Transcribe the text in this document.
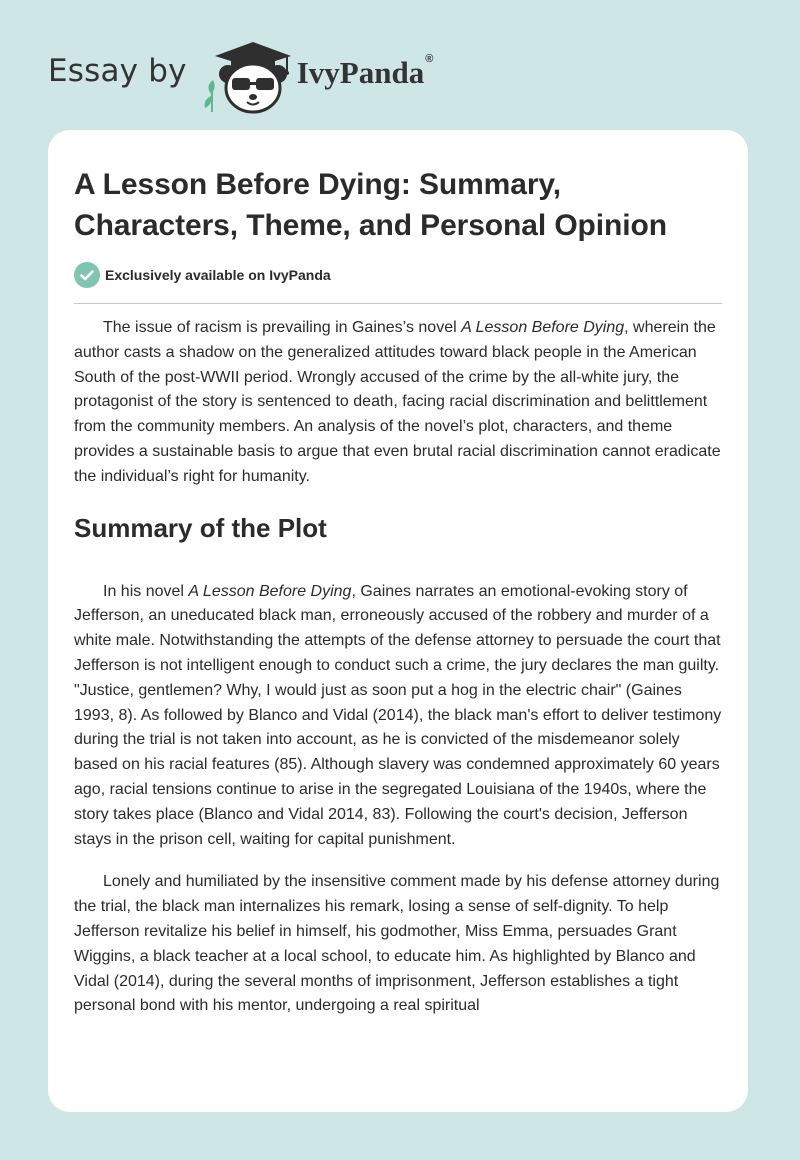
Essay by	IvyPanda®
A Lesson Before Dying: Summary, Characters, Theme, and Personal Opinion
Exclusively available on IvyPanda

The issue of racism is prevailing in Gaines’s novel A Lesson Before Dying, wherein the author casts a shadow on the generalized attitudes toward black people in the American South of the post-WWII period. Wrongly accused of the crime by the all-white jury, the protagonist of the story is sentenced to death, facing racial discrimination and belittlement from the community members. An analysis of the novel’s plot, characters, and theme provides a sustainable basis to argue that even brutal racial discrimination cannot eradicate the individual’s right for humanity.

Summary of the Plot

In his novel A Lesson Before Dying, Gaines narrates an emotional-evoking story of Jefferson, an uneducated black man, erroneously accused of the robbery and murder of a white male. Notwithstanding the attempts of the defense attorney to persuade the court that Jefferson is not intelligent enough to conduct such a crime, the jury declares the man guilty. "Justice, gentlemen? Why, I would just as soon put a hog in the electric chair" (Gaines 1993, 8). As followed by Blanco and Vidal (2014), the black man's effort to deliver testimony during the trial is not taken into account, as he is convicted of the misdemeanor solely based on his racial features (85). Although slavery was condemned approximately 60 years ago, racial tensions continue to arise in the segregated Louisiana of the 1940s, where the story takes place (Blanco and Vidal 2014, 83). Following the court's decision, Jefferson stays in the prison cell, waiting for capital punishment.

Lonely and humiliated by the insensitive comment made by his defense attorney during the trial, the black man internalizes his remark, losing a sense of self-dignity. To help Jefferson revitalize his belief in himself, his godmother, Miss Emma, persuades Grant Wiggins, a black teacher at a local school, to educate him. As highlighted by Blanco and Vidal (2014), during the several months of imprisonment, Jefferson establishes a tight personal bond with his mentor, undergoing a real spiritual
